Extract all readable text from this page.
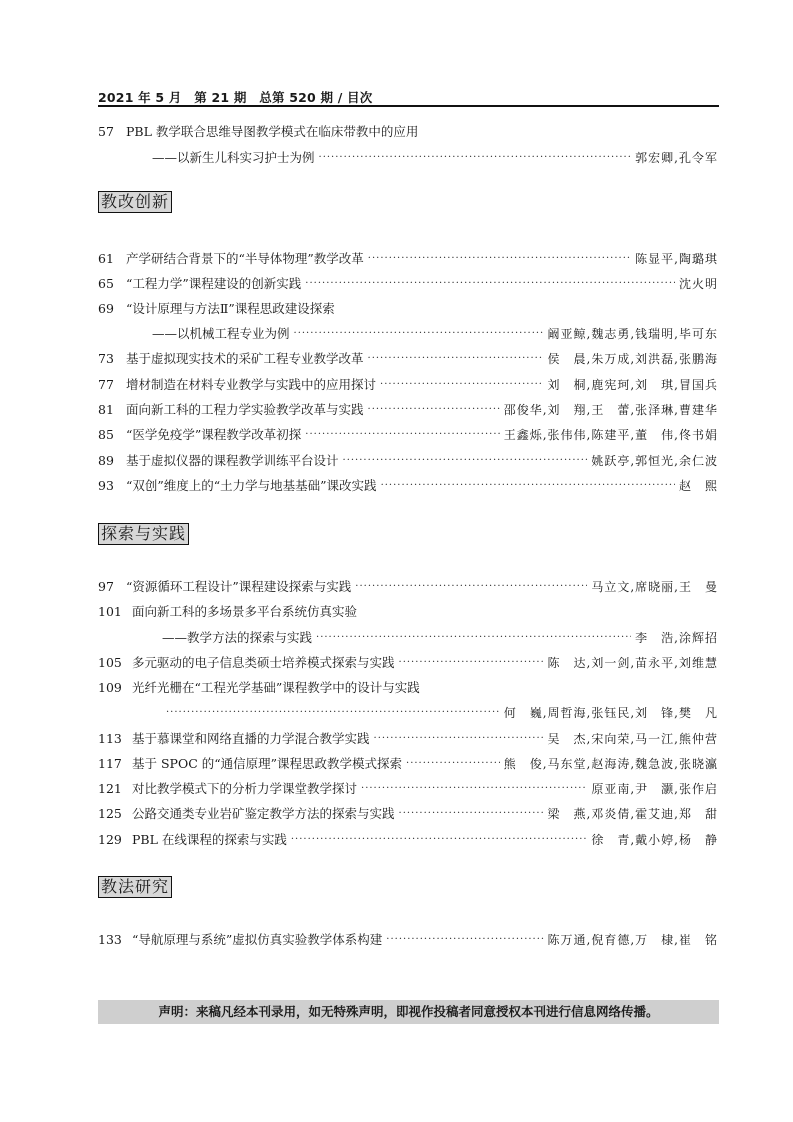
2021 年 5 月　第 21 期　总第 520 期 / 目次
57 PBL 教学联合思维导图教学模式在临床带教中的应用
——以新生儿科实习护士为例 ·····	郭宏卿,孔令军
教改创新
61 产学研结合背景下的“半导体物理”教学改革 ·····	陈显平,陶璐琪
65 “工程力学”课程建设的创新实践 ·····	沈火明
69 “设计原理与方法Ⅱ”课程思政建设探索
——以机械工程专业为例 ·····	阚亚鲸,魏志勇,钱瑞明,毕可东
73 基于虚拟现实技术的采矿工程专业教学改革 ·····	侯　晨,朱万成,刘洪磊,张鹏海
77 增材制造在材料专业教学与实践中的应用探讨 ·····	刘　桐,鹿宪珂,刘　琪,冒国兵
81 面向新工科的工程力学实验教学改革与实践 ·····	邵俊华,刘　翔,王　蕾,张泽琳,曹建华
85 “医学免疫学”课程教学改革初探 ·····	王鑫烁,张伟伟,陈建平,董　伟,佟书娟
89 基于虚拟仪器的课程教学训练平台设计 ·····	姚跃亭,郭恒光,余仁波
93 “双创”维度上的“土力学与地基基础”课改实践 ·····	赵　熙
探索与实践
97 “资源循环工程设计”课程建设探索与实践 ·····	马立文,席晓丽,王　曼
101 面向新工科的多场景多平台系统仿真实验
——教学方法的探索与实践 ·····	李　浩,涂辉招
105 多元驱动的电子信息类硕士培养模式探索与实践 ·····	陈　达,刘一剑,苗永平,刘维慧
109 光纤光栅在“工程光学基础”课程教学中的设计与实践
·····
何　巍,周哲海,张钰民,刘　锋,樊　凡
113 基于慕课堂和网络直播的力学混合教学实践 ·····	吴　杰,宋向荣,马一江,熊仲营
117 基于 SPOC 的“通信原理”课程思政教学模式探索 ·····	熊　俊,马东堂,赵海涛,魏急波,张晓瀛
121 对比教学模式下的分析力学课堂教学探讨 ·····	原亚南,尹　灏,张作启
125 公路交通类专业岩矿鉴定教学方法的探索与实践 ·····	梁　燕,邓炎倩,霍艾迪,郑　甜
129 PBL 在线课程的探索与实践 ·····	徐　青,戴小婷,杨　静
教法研究
133 “导航原理与系统”虚拟仿真实验教学体系构建 ·····	陈万通,倪育德,万　棣,崔　铭
声明：来稿凡经本刊录用，如无特殊声明，即视作投稿者同意授权本刊进行信息网络传播。
